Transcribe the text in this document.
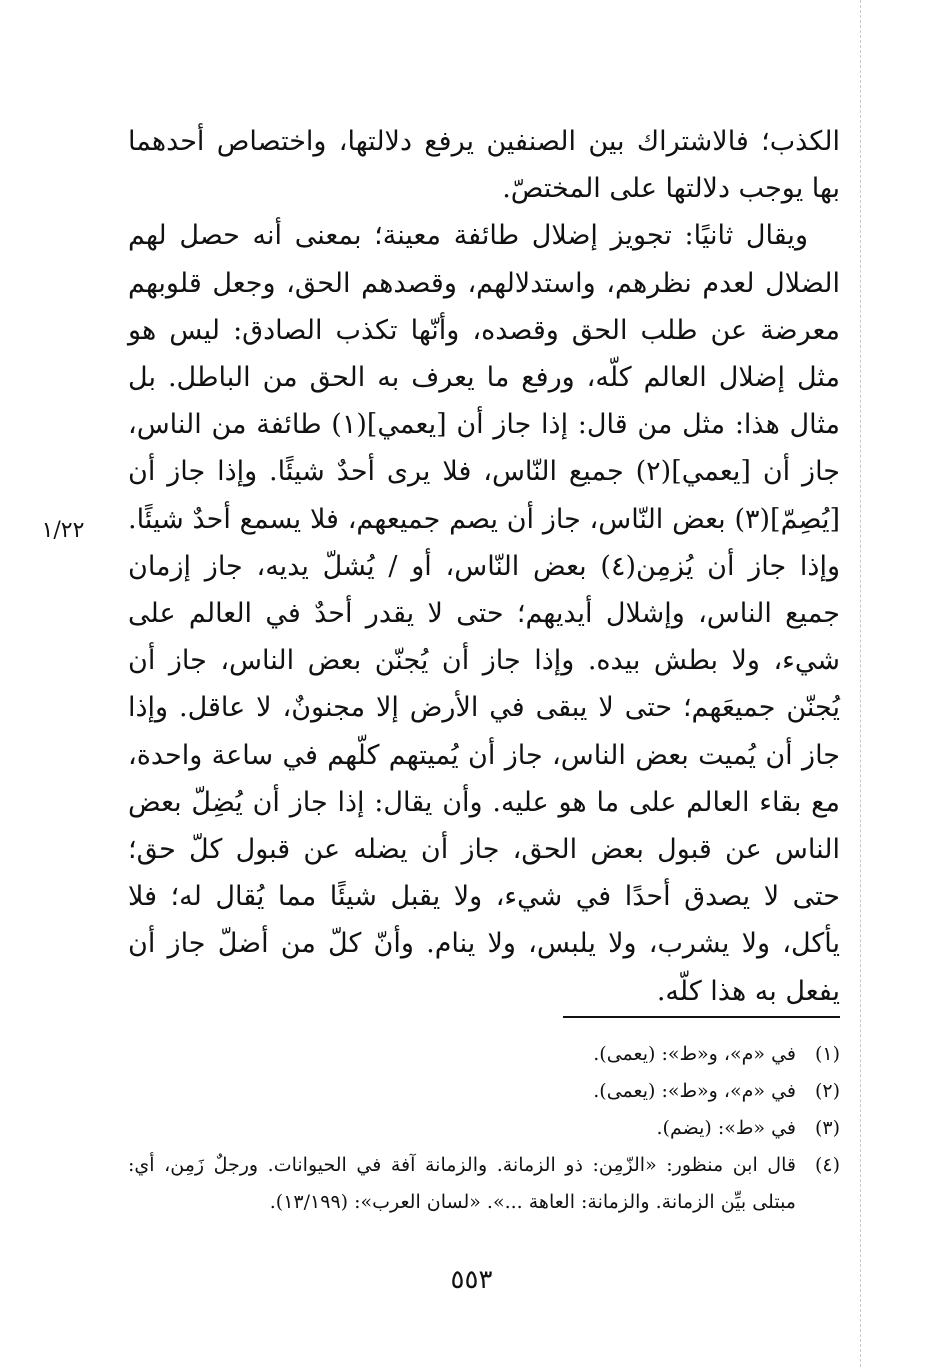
الكذب؛ فالاشتراك بين الصنفين يرفع دلالتها، واختصاص أحدهما بها يوجب دلالتها على المختصّ.

ويقال ثانيًا: تجويز إضلال طائفة معينة؛ بمعنى أنه حصل لهم الضلال لعدم نظرهم، واستدلالهم، وقصدهم الحق، وجعل قلوبهم معرضة عن طلب الحق وقصده، وأنّها تكذب الصادق: ليس هو مثل إضلال العالم كلّه، ورفع ما يعرف به الحق من الباطل. بل مثال هذا: مثل من قال: إذا جاز أن [يعمي](١) طائفة من الناس، جاز أن [يعمي](٢) جميع النّاس، فلا يرى أحدٌ شيئًا. وإذا جاز أن [يُصِمّ](٣) بعض النّاس، جاز أن يصم جميعهم، فلا يسمع أحدٌ شيئًا. وإذا جاز أن يُزمِن(٤) بعض النّاس، أو / يُشلّ يديه، جاز إزمان جميع الناس، وإشلال أيديهم؛ حتى لا يقدر أحدٌ في العالم على شيء، ولا بطش بيده. وإذا جاز أن يُجنّن بعض الناس، جاز أن يُجنّن جميعَهم؛ حتى لا يبقى في الأرض إلا مجنونٌ، لا عاقل. وإذا جاز أن يُميت بعض الناس، جاز أن يُميتهم كلّهم في ساعة واحدة، مع بقاء العالم على ما هو عليه. وأن يقال: إذا جاز أن يُضِلّ بعض الناس عن قبول بعض الحق، جاز أن يضله عن قبول كلّ حق؛ حتى لا يصدق أحدًا في شيء، ولا يقبل شيئًا مما يُقال له؛ فلا يأكل، ولا يشرب، ولا يلبس، ولا ينام. وأنّ كلّ من أضلّ جاز أن يفعل به هذا كلّه.

١/٢٢
(١)
في «م»، و«ط»: (يعمى).
(٢)
في «م»، و«ط»: (يعمى).
(٣)
في «ط»: (يضم).
(٤)
قال ابن منظور: «الزّمِن: ذو الزمانة. والزمانة آفة في الحيوانات. ورجلٌ زَمِن، أي: مبتلى بيِّن الزمانة. والزمانة: العاهة ...». «لسان العرب»: (١٣/١٩٩).
٥٥٣
